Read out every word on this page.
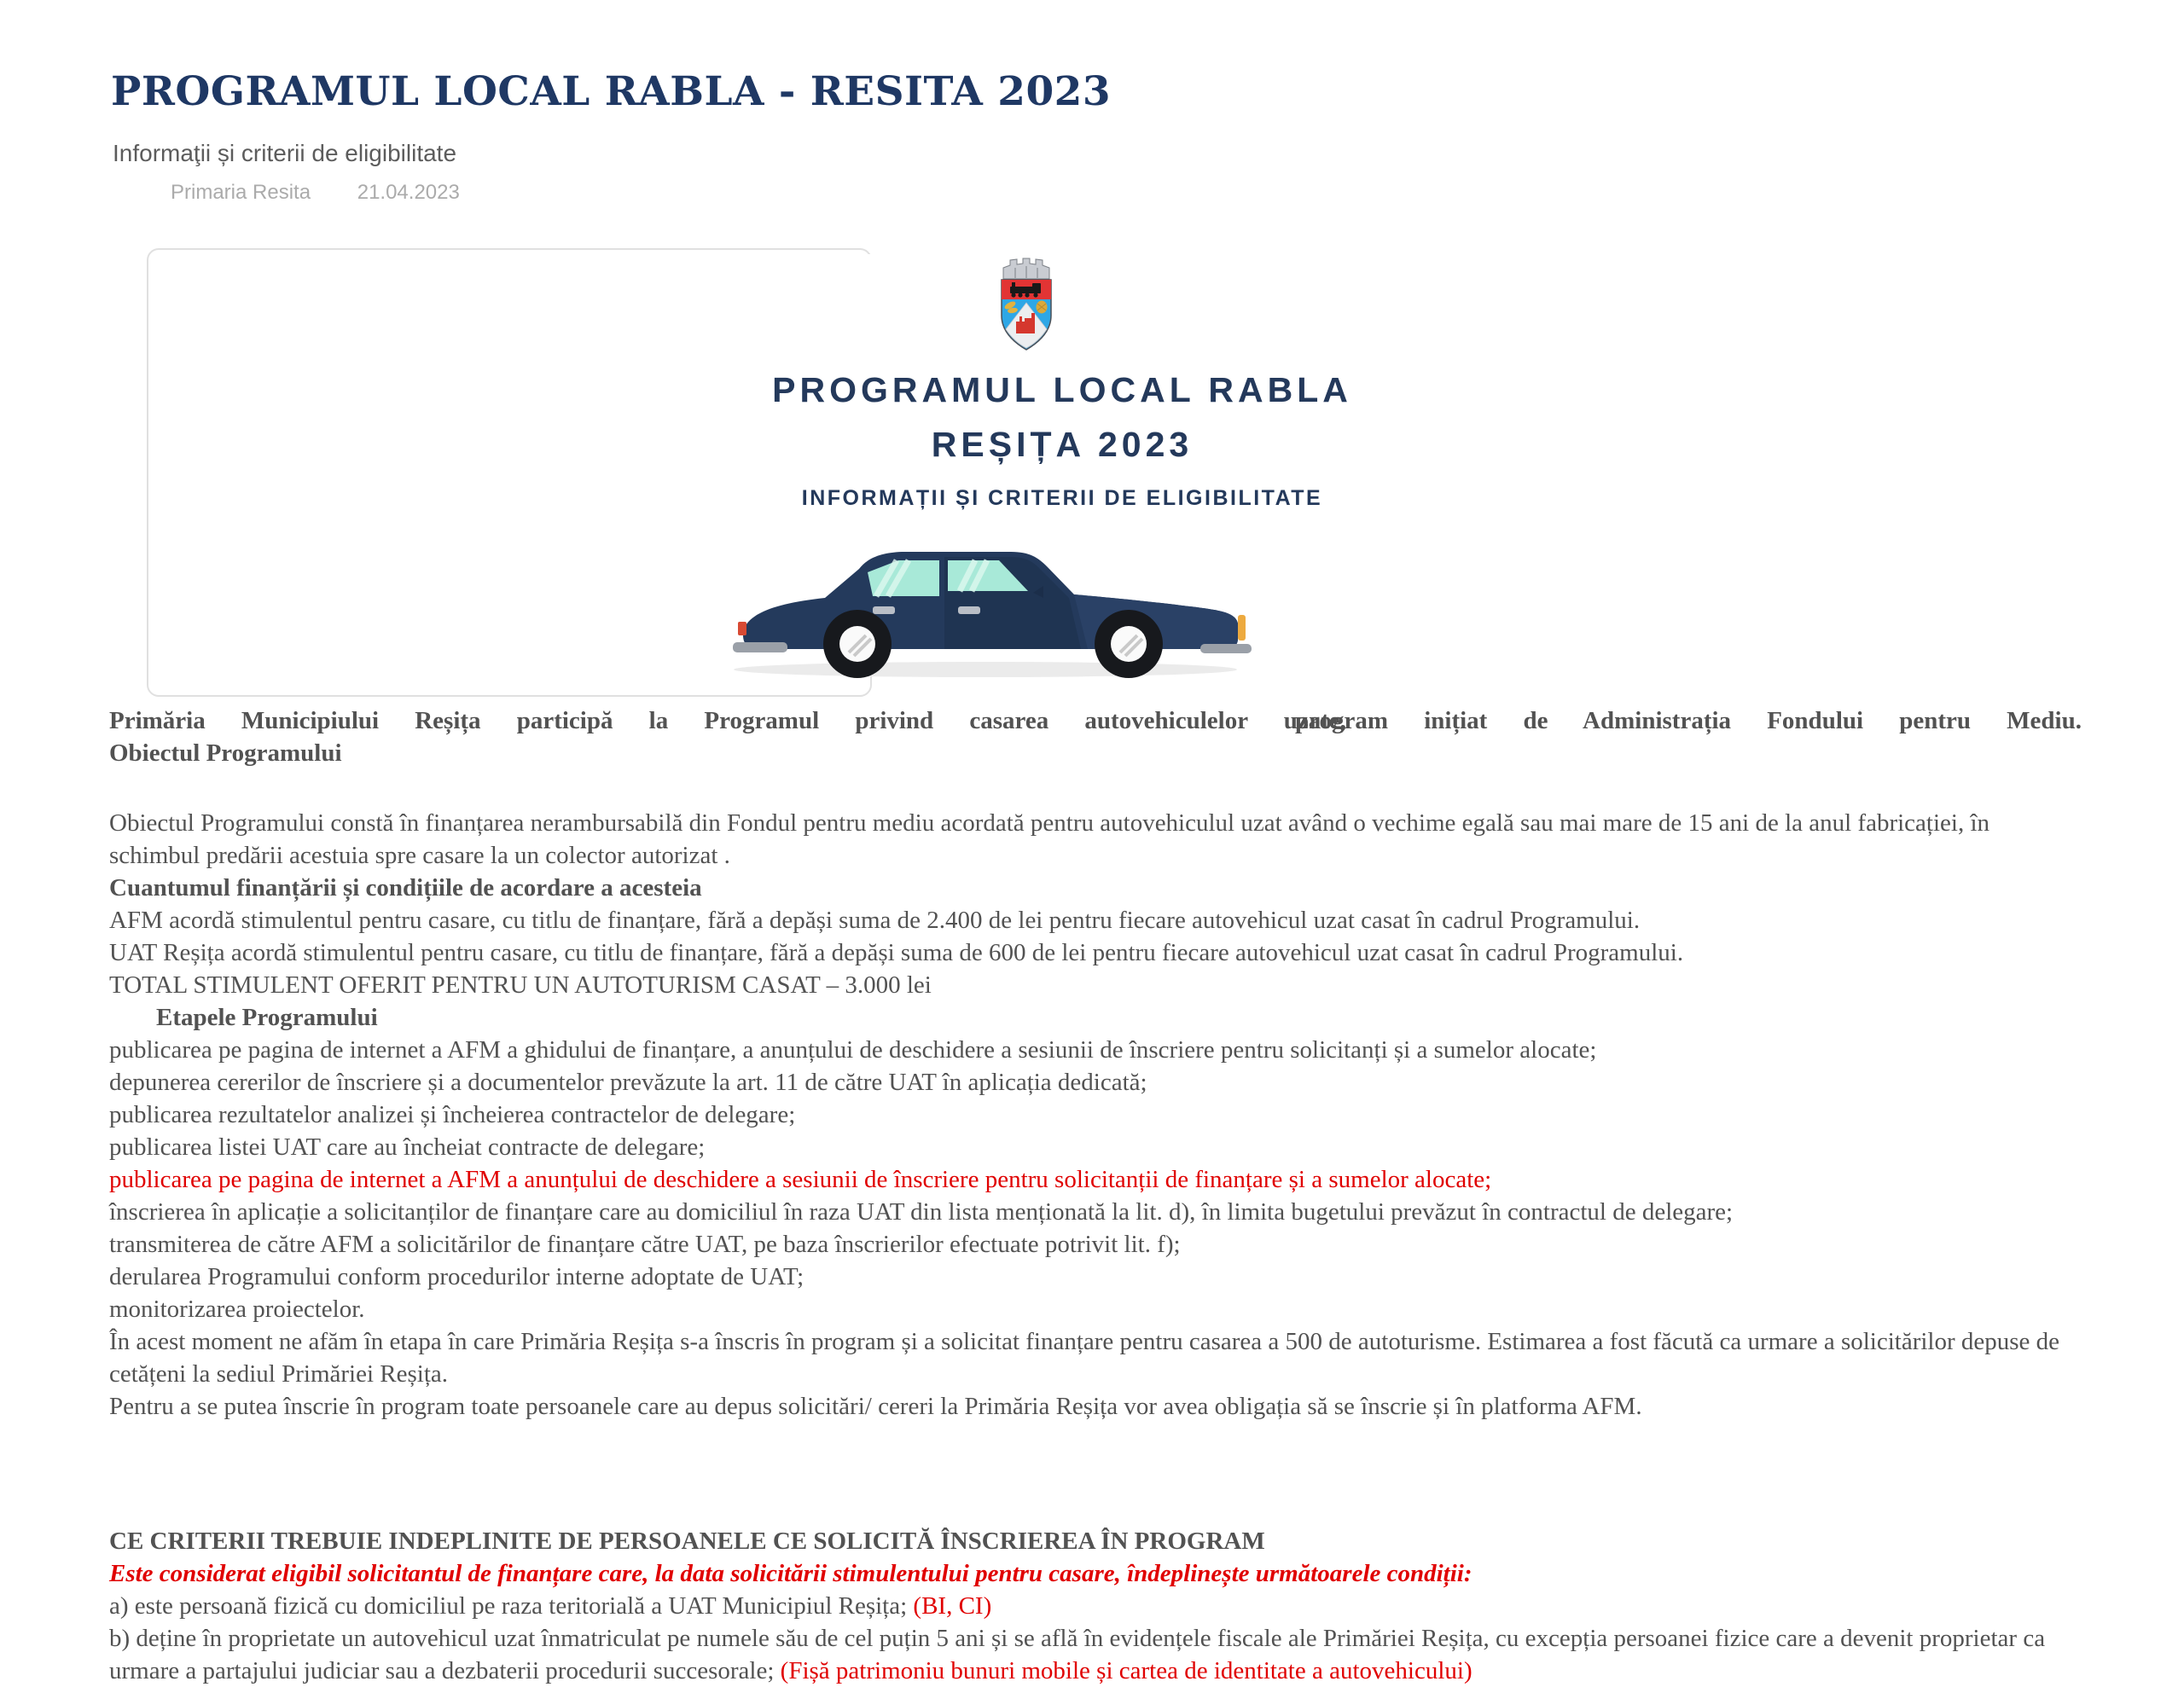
PROGRAMUL LOCAL RABLA - RESITA 2023
Informaţii și criterii de eligibilitate
Primaria Resita 21.04.2023
PROGRAMUL LOCAL RABLA
REȘIȚA 2023
INFORMAȚII ȘI CRITERII DE ELIGIBILITATE

Primăria Municipiului Reșița participă la Programul privind casarea autovehiculelor uzate,program inițiat de Administrația Fondului pentru Mediu.

Obiectul Programului

Obiectul Programului constă în finanțarea nerambursabilă din Fondul pentru mediu acordată pentru autovehiculul uzat având o vechime egală sau mai mare de 15 ani de la anul fabricației, în schimbul predării acestuia spre casare la un colector autorizat .

Cuantumul finanțării și condițiile de acordare a acesteia

AFM acordă stimulentul pentru casare, cu titlu de finanțare, fără a depăși suma de 2.400 de lei pentru fiecare autovehicul uzat casat în cadrul Programului.

UAT Reșița acordă stimulentul pentru casare, cu titlu de finanțare, fără a depăși suma de 600 de lei pentru fiecare autovehicul uzat casat în cadrul Programului.

TOTAL STIMULENT OFERIT PENTRU UN AUTOTURISM CASAT – 3.000 lei

Etapele Programului

publicarea pe pagina de internet a AFM a ghidului de finanțare, a anunțului de deschidere a sesiunii de înscriere pentru solicitanți și a sumelor alocate;

depunerea cererilor de înscriere și a documentelor prevăzute la art. 11 de către UAT în aplicația dedicată;

publicarea rezultatelor analizei și încheierea contractelor de delegare;

publicarea listei UAT care au încheiat contracte de delegare;

publicarea pe pagina de internet a AFM a anunțului de deschidere a sesiunii de înscriere pentru solicitanții de finanțare și a sumelor alocate;

înscrierea în aplicație a solicitanților de finanțare care au domiciliul în raza UAT din lista menționată la lit. d), în limita bugetului prevăzut în contractul de delegare;

transmiterea de către AFM a solicitărilor de finanțare către UAT, pe baza înscrierilor efectuate potrivit lit. f);

derularea Programului conform procedurilor interne adoptate de UAT;

monitorizarea proiectelor.

În acest moment ne afăm în etapa în care Primăria Reșița s-a înscris în program și a solicitat finanțare pentru casarea a 500 de autoturisme. Estimarea a fost făcută ca urmare a solicitărilor depuse de cetățeni la sediul Primăriei Reșița.

Pentru a se putea înscrie în program toate persoanele care au depus solicitări/ cereri la Primăria Reșița vor avea obligația să se înscrie și în platforma AFM.

CE CRITERII TREBUIE INDEPLINITE DE PERSOANELE CE SOLICITĂ ÎNSCRIEREA ÎN PROGRAM

Este considerat eligibil solicitantul de finanțare care, la data solicitării stimulentului pentru casare, îndeplinește următoarele condiții:

a) este persoană fizică cu domiciliul pe raza teritorială a UAT Municipiul Reșița; (BI, CI)

b) deține în proprietate un autovehicul uzat înmatriculat pe numele său de cel puțin 5 ani și se află în evidențele fiscale ale Primăriei Reșița, cu excepția persoanei fizice care a devenit proprietar ca urmare a partajului judiciar sau a dezbaterii procedurii succesorale; (Fișă patrimoniu bunuri mobile și cartea de identitate a autovehicului)
